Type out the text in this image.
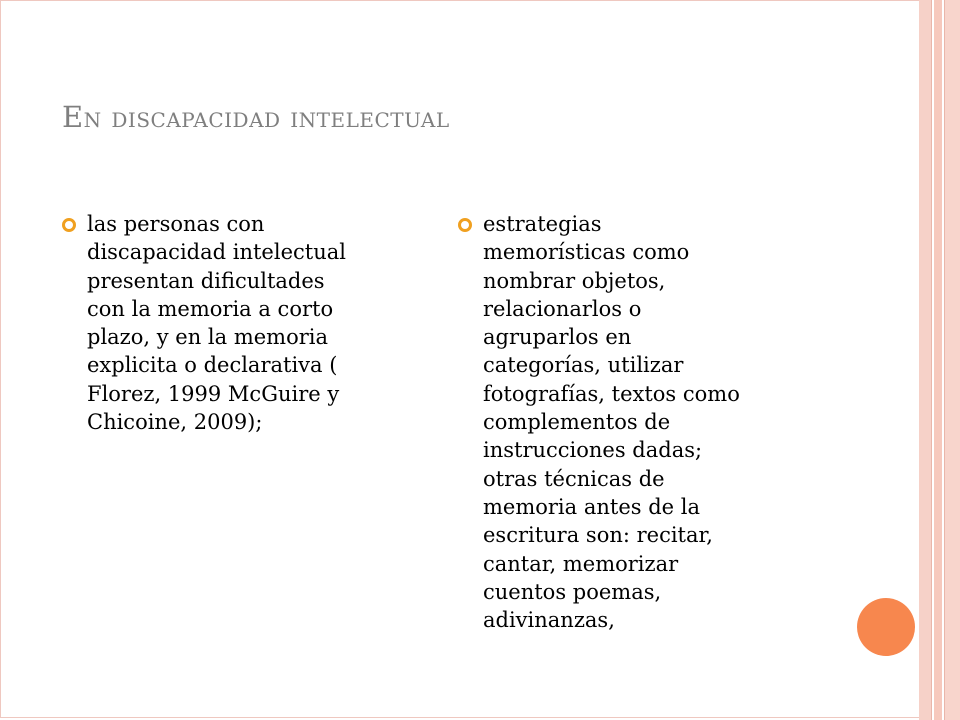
En discapacidad intelectual
las personas con
discapacidad intelectual
presentan dificultades
con la memoria a corto
plazo, y en la memoria
explicita o declarativa (
Florez, 1999 McGuire y
Chicoine, 2009);
estrategias
memorísticas como
nombrar objetos,
relacionarlos o
agruparlos en
categorías, utilizar
fotografías, textos como
complementos de
instrucciones dadas;
otras técnicas de
memoria antes de la
escritura son: recitar,
cantar, memorizar
cuentos poemas,
adivinanzas,
